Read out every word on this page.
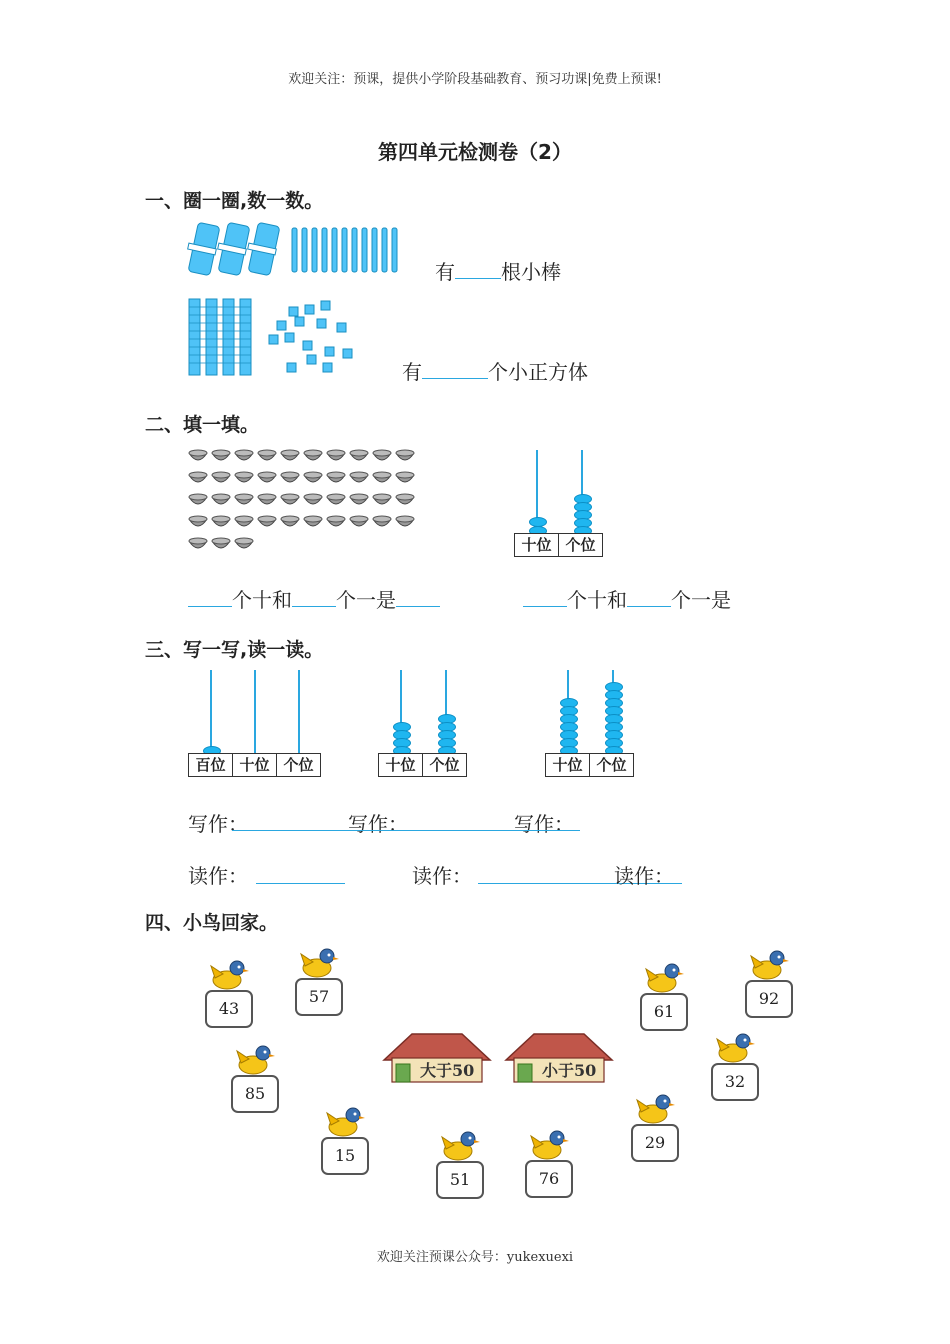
欢迎关注：预课，提供小学阶段基础教育、预习功课|免费上预课!
第四单元检测卷（2）
一、圈一圈,数一数。
有 根小棒
有	个小正方体
二、填一填。
十位 个位
个十和 个一是	个十和 个一是
三、写一写,读一读。
百位 十位 个位	十位 个位	十位 个位
写作：	写作：	写作：
读作：	读作：	读作：
四、小鸟回家。
大于50	小于50
43
57
85
15
51	76
61
92
32
29
欢迎关注预课公众号：yukexuexi
